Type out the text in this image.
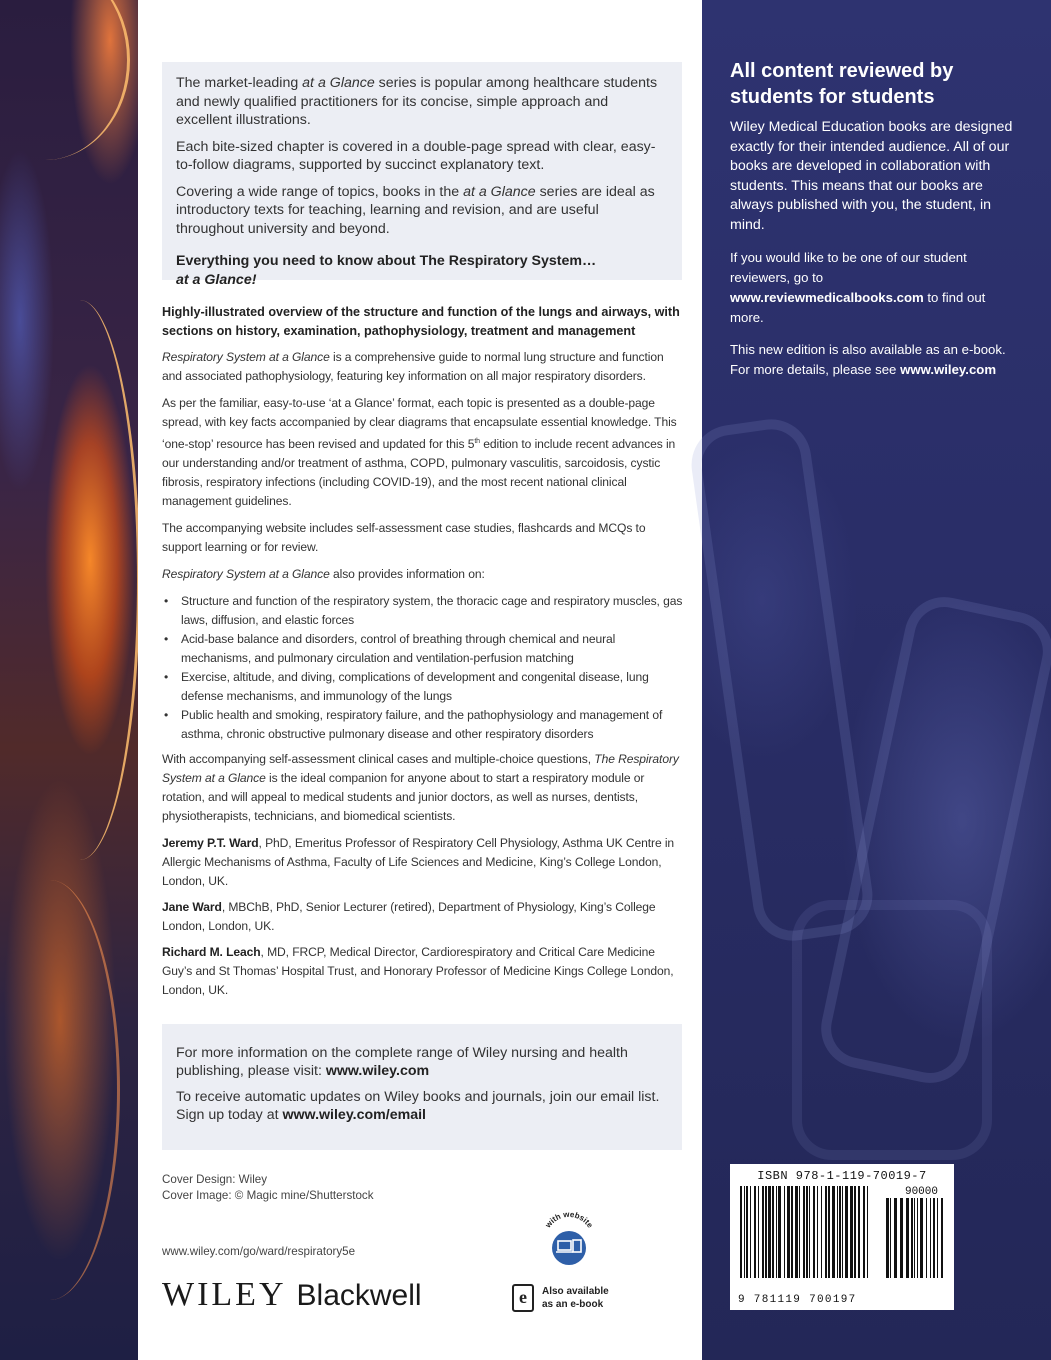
The market-leading at a Glance series is popular among healthcare students and newly qualified practitioners for its concise, simple approach and excellent illustrations.

Each bite-sized chapter is covered in a double-page spread with clear, easy-to-follow diagrams, supported by succinct explanatory text.

Covering a wide range of topics, books in the at a Glance series are ideal as introductory texts for teaching, learning and revision, and are useful throughout university and beyond.

Everything you need to know about The Respiratory System…
at a Glance!
Highly-illustrated overview of the structure and function of the lungs and airways, with sections on history, examination, pathophysiology, treatment and management

Respiratory System at a Glance is a comprehensive guide to normal lung structure and function and associated pathophysiology, featuring key information on all major respiratory disorders.

As per the familiar, easy-to-use ‘at a Glance’ format, each topic is presented as a double-page spread, with key facts accompanied by clear diagrams that encapsulate essential knowledge. This ‘one-stop’ resource has been revised and updated for this 5th edition to include recent advances in our understanding and/or treatment of asthma, COPD, pulmonary vasculitis, sarcoidosis, cystic fibrosis, respiratory infections (including COVID-19), and the most recent national clinical management guidelines.

The accompanying website includes self-assessment case studies, flashcards and MCQs to support learning or for review.

Respiratory System at a Glance also provides information on:

• Structure and function of the respiratory system, the thoracic cage and respiratory muscles, gas laws, diffusion, and elastic forces
• Acid-base balance and disorders, control of breathing through chemical and neural mechanisms, and pulmonary circulation and ventilation-perfusion matching
• Exercise, altitude, and diving, complications of development and congenital disease, lung defense mechanisms, and immunology of the lungs
• Public health and smoking, respiratory failure, and the pathophysiology and management of asthma, chronic obstructive pulmonary disease and other respiratory disorders

With accompanying self-assessment clinical cases and multiple-choice questions, The Respiratory System at a Glance is the ideal companion for anyone about to start a respiratory module or rotation, and will appeal to medical students and junior doctors, as well as nurses, dentists, physiotherapists, technicians, and biomedical scientists.

Jeremy P.T. Ward, PhD, Emeritus Professor of Respiratory Cell Physiology, Asthma UK Centre in Allergic Mechanisms of Asthma, Faculty of Life Sciences and Medicine, King’s College London, London, UK.

Jane Ward, MBChB, PhD, Senior Lecturer (retired), Department of Physiology, King’s College London, London, UK.

Richard M. Leach, MD, FRCP, Medical Director, Cardiorespiratory and Critical Care Medicine Guy’s and St Thomas’ Hospital Trust, and Honorary Professor of Medicine Kings College London, London, UK.

For more information on the complete range of Wiley nursing and health publishing, please visit: www.wiley.com

To receive automatic updates on Wiley books and journals, join our email list. Sign up today at www.wiley.com/email

Cover Design: Wiley
Cover Image: © Magic mine/Shutterstock
with website
www.wiley.com/go/ward/respiratory5e
WILEY Blackwell	e	Also available
as an e-book
All content reviewed by students for students
Wiley Medical Education books are designed exactly for their intended audience. All of our books are developed in collaboration with students. This means that our books are always published with you, the student, in mind.
If you would like to be one of our student reviewers, go to www.reviewmedicalbooks.com to find out more.
This new edition is also available as an e-book. For more details, please see www.wiley.com
ISBN 978-1-119-70019-7
90000
9 781119 700197
